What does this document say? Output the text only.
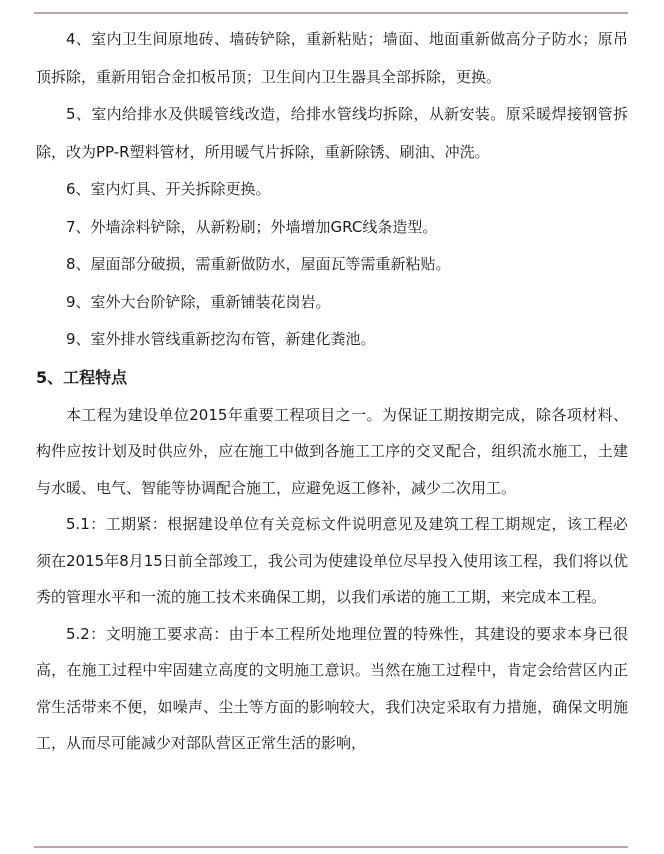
4、室内卫生间原地砖、墙砖铲除，重新粘贴；墙面、地面重新做高分子防水；原吊顶拆除，重新用铝合金扣板吊顶；卫生间内卫生器具全部拆除，更换。

5、室内给排水及供暖管线改造，给排水管线均拆除，从新安装。原采暖焊接钢管拆除，改为PP-R塑料管材，所用暖气片拆除，重新除锈、刷油、冲洗。

6、室内灯具、开关拆除更换。

7、外墙涂料铲除，从新粉刷；外墙增加GRC线条造型。

8、屋面部分破损，需重新做防水，屋面瓦等需重新粘贴。

9、室外大台阶铲除，重新铺装花岗岩。

9、室外排水管线重新挖沟布管，新建化粪池。

5、工程特点

本工程为建设单位2015年重要工程项目之一。为保证工期按期完成，除各项材料、构件应按计划及时供应外，应在施工中做到各施工工序的交叉配合，组织流水施工，土建与水暖、电气、智能等协调配合施工，应避免返工修补，减少二次用工。

5.1：工期紧：根据建设单位有关竞标文件说明意见及建筑工程工期规定，该工程必须在2015年8月15日前全部竣工，我公司为使建设单位尽早投入使用该工程，我们将以优秀的管理水平和一流的施工技术来确保工期，以我们承诺的施工工期，来完成本工程。

5.2：文明施工要求高：由于本工程所处地理位置的特殊性，其建设的要求本身已很高，在施工过程中牢固建立高度的文明施工意识。当然在施工过程中，肯定会给营区内正常生活带来不便，如噪声、尘土等方面的影响较大，我们决定采取有力措施，确保文明施工，从而尽可能减少对部队营区正常生活的影响，
